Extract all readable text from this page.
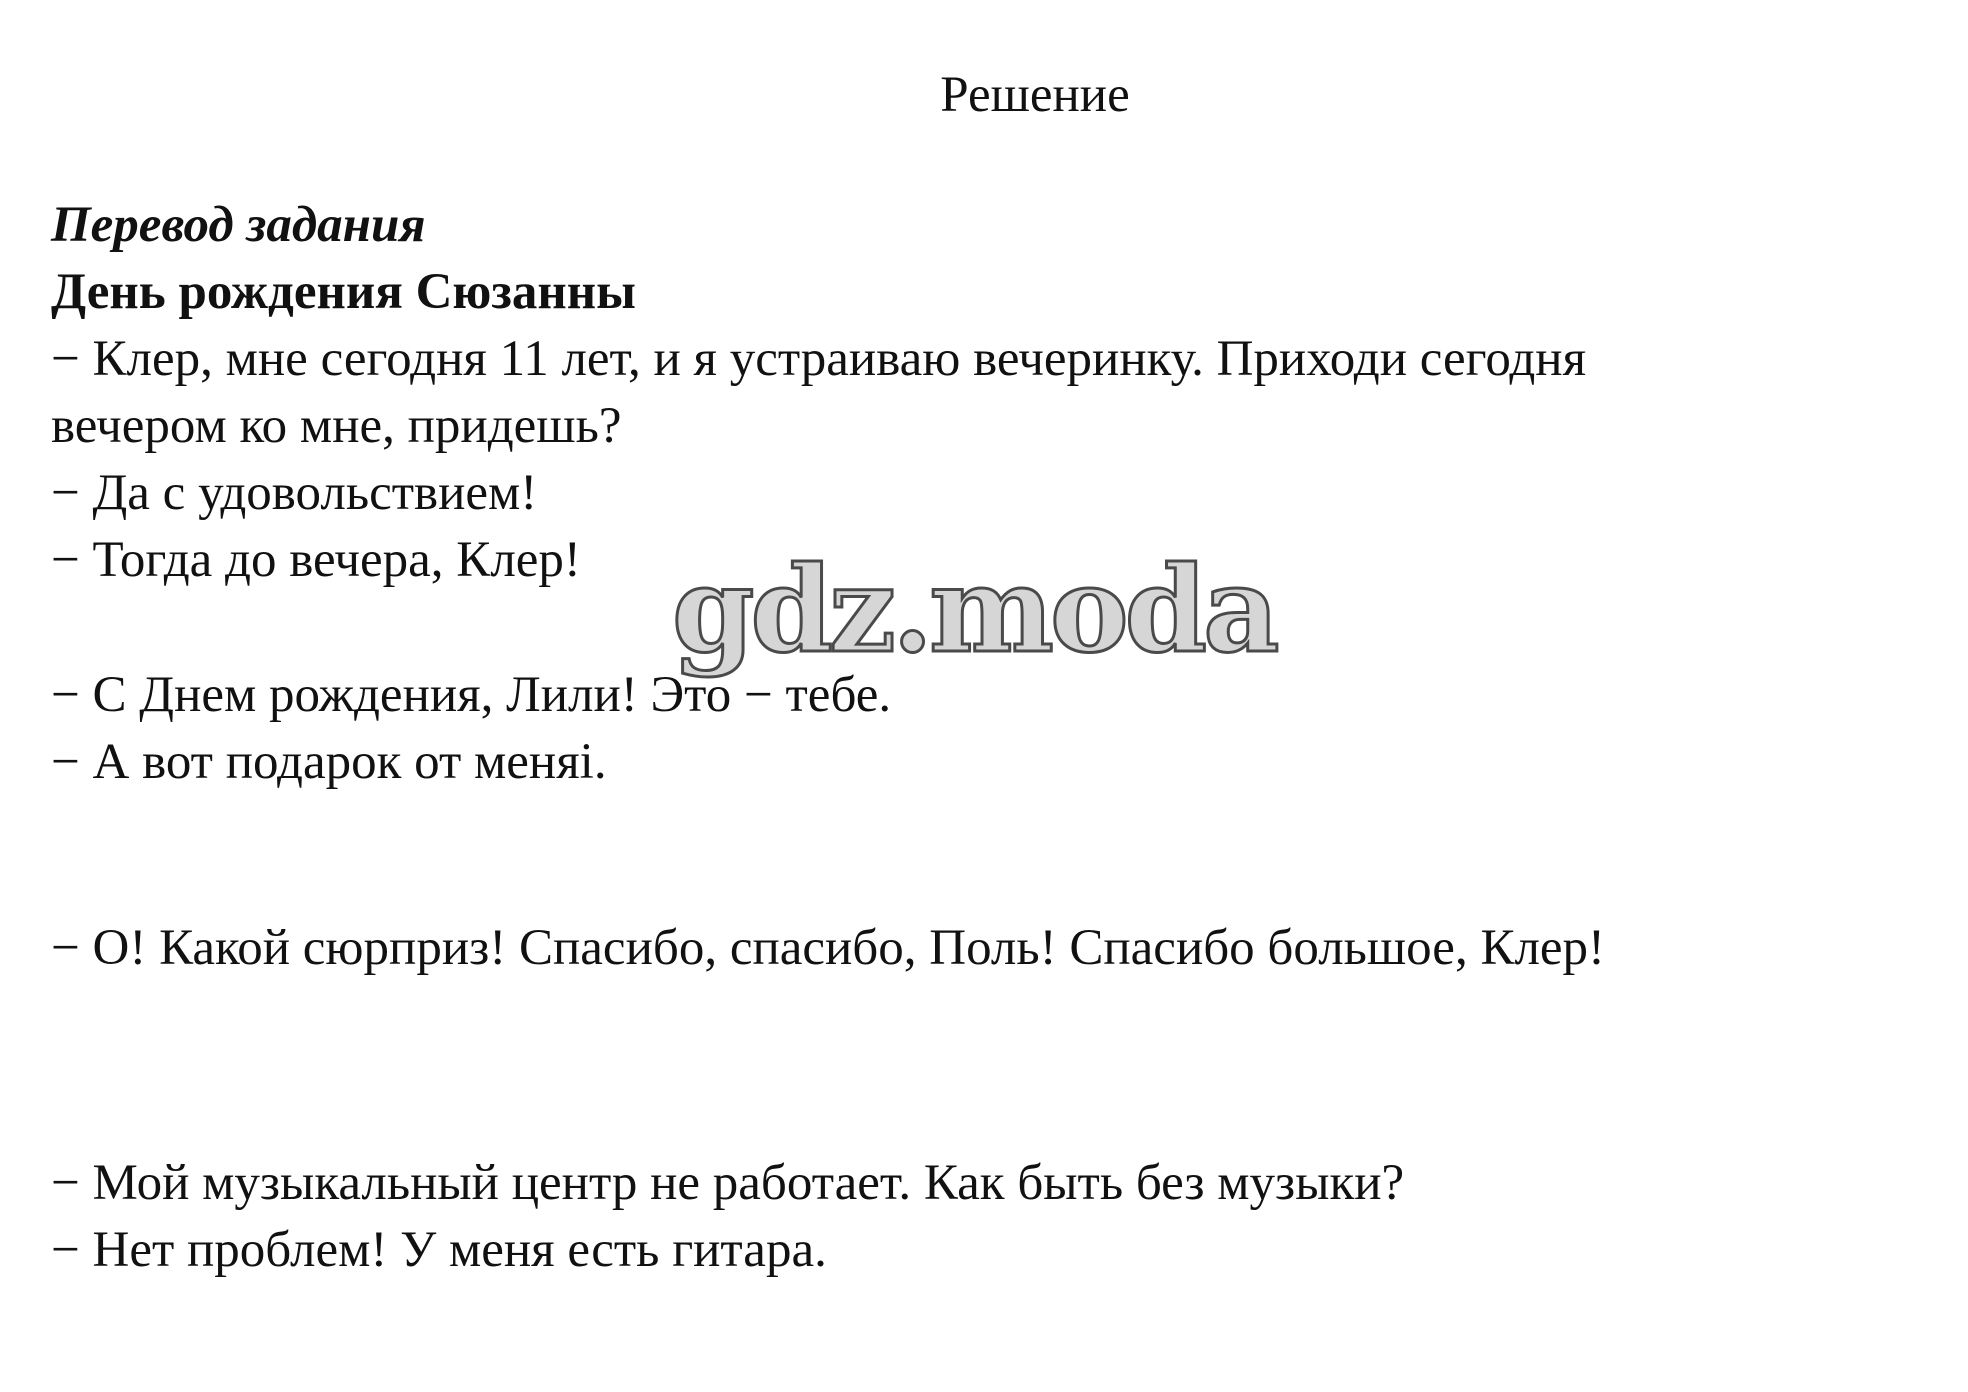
Решение
Перевод задания
День рождения Сюзанны
− Клер, мне сегодня 11 лет, и я устраиваю вечеринку. Приходи сегодня
вечером ко мне, придешь?
− Да с удовольствием!
− Тогда до вечера, Клер!
− С Днем рождения, Лили! Это − тебе.
− А вот подарок от меняi.
− О! Какой сюрприз! Спасибо, спасибо, Поль! Спасибо большое, Клер!
− Мой музыкальный центр не работает. Как быть без музыки?
− Нет проблем! У меня есть гитара.
gdz.moda
